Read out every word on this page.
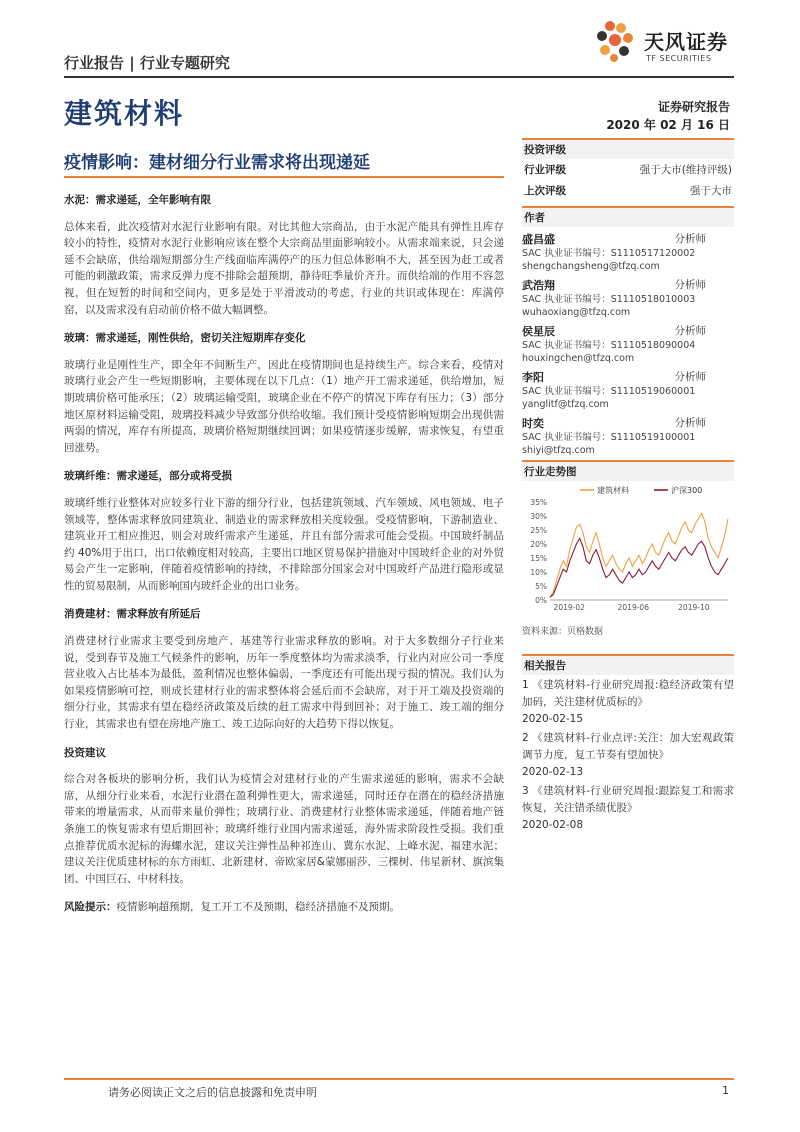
行业报告 | 行业专题研究
天风证券
TF SECURITIES
建筑材料	证券研究报告
2020 年 02 月 16 日
疫情影响：建材细分行业需求将出现递延
水泥：需求递延，全年影响有限

总体来看，此次疫情对水泥行业影响有限。对比其他大宗商品，由于水泥产能具有弹性且库存较小的特性，疫情对水泥行业影响应该在整个大宗商品里面影响较小。从需求端来说，只会递延不会缺席，供给端短期部分生产线面临库满停产的压力但总体影响不大，甚至因为赶工或者可能的刺激政策，需求反弹力度不排除会超预期，静待旺季量价齐升。而供给端的作用不容忽视，但在短暂的时间和空间内，更多是处于平滑波动的考虑，行业的共识或体现在：库满停窑，以及需求没有启动前价格不做大幅调整。

玻璃：需求递延，刚性供给，密切关注短期库存变化

玻璃行业是刚性生产，即全年不间断生产，因此在疫情期间也是持续生产。综合来看，疫情对玻璃行业会产生一些短期影响，主要体现在以下几点：（1）地产开工需求递延，供给增加，短期玻璃价格可能承压；（2）玻璃运输受阻，玻璃企业在不停产的情况下库存有压力；（3）部分地区原材料运输受阻，玻璃投料减少导致部分供给收缩。我们预计受疫情影响短期会出现供需两弱的情况，库存有所提高，玻璃价格短期继续回调；如果疫情逐步缓解，需求恢复，有望重回涨势。

玻璃纤维：需求递延，部分或将受损

玻璃纤维行业整体对应较多行业下游的细分行业，包括建筑领域、汽车领域、风电领域、电子领域等，整体需求释放同建筑业、制造业的需求释放相关度较强。受疫情影响，下游制造业、建筑业开工相应推迟，则会对玻纤需求产生递延，并且有部分需求可能会受损。中国玻纤制品约 40%用于出口，出口依赖度相对较高，主要出口地区贸易保护措施对中国玻纤企业的对外贸易会产生一定影响，伴随着疫情影响的持续，不排除部分国家会对中国玻纤产品进行隐形或显性的贸易限制，从而影响国内玻纤企业的出口业务。

消费建材：需求释放有所延后

消费建材行业需求主要受到房地产、基建等行业需求释放的影响。对于大多数细分子行业来说，受到春节及施工气候条件的影响，历年一季度整体均为需求淡季，行业内对应公司一季度营业收入占比基本为最低，盈利情况也整体偏弱，一季度还有可能出现亏损的情况。我们认为如果疫情影响可控，则成长建材行业的需求整体将会延后而不会缺席，对于开工端及投资端的细分行业，其需求有望在稳经济政策及后续的赶工需求中得到回补；对于施工、竣工端的细分行业，其需求也有望在房地产施工、竣工边际向好的大趋势下得以恢复。

投资建议

综合对各板块的影响分析，我们认为疫情会对建材行业的产生需求递延的影响，需求不会缺席，从细分行业来看，水泥行业潜在盈利弹性更大，需求递延，同时还存在潜在的稳经济措施带来的增量需求，从而带来量价弹性；玻璃行业、消费建材行业整体需求递延，伴随着地产链条施工的恢复需求有望后期回补；玻璃纤维行业国内需求递延，海外需求阶段性受损。我们重点推荐优质水泥标的海螺水泥，建议关注弹性品种祁连山、冀东水泥、上峰水泥、福建水泥；建议关注优质建材标的东方雨虹、北新建材、帝欧家居&蒙娜丽莎、三棵树、伟星新材、旗滨集团、中国巨石、中材科技。

风险提示：疫情影响超预期，复工开工不及预期，稳经济措施不及预期。

投资评级
行业评级	强于大市(维持评级)
上次评级	强于大市
作者
盛昌盛	分析师
SAC 执业证书编号：S1110517120002
shengchangsheng@tfzq.com
武浩翔	分析师
SAC 执业证书编号：S1110518010003
wuhaoxiang@tfzq.com
侯星辰	分析师
SAC 执业证书编号：S1110518090004
houxingchen@tfzq.com
李阳	分析师
SAC 执业证书编号：S1110519060001
yanglitf@tfzq.com
时奕	分析师
SAC 执业证书编号：S1110519100001
shiyi@tfzq.com
行业走势图
35%
30%
25%
20%
15%
10%
5%
0%
2019-02	2019-06	2019-10
建筑材料	沪深300
资料来源：贝格数据
相关报告
1 《建筑材料-行业研究周报:稳经济政策有望加码，关注建材优质标的》
2020-02-15
2 《建筑材料-行业点评:关注：加大宏观政策调节力度，复工节奏有望加快》
2020-02-13
3 《建筑材料-行业研究周报:跟踪复工和需求恢复，关注错杀绩优股》
2020-02-08
请务必阅读正文之后的信息披露和免责申明	1
